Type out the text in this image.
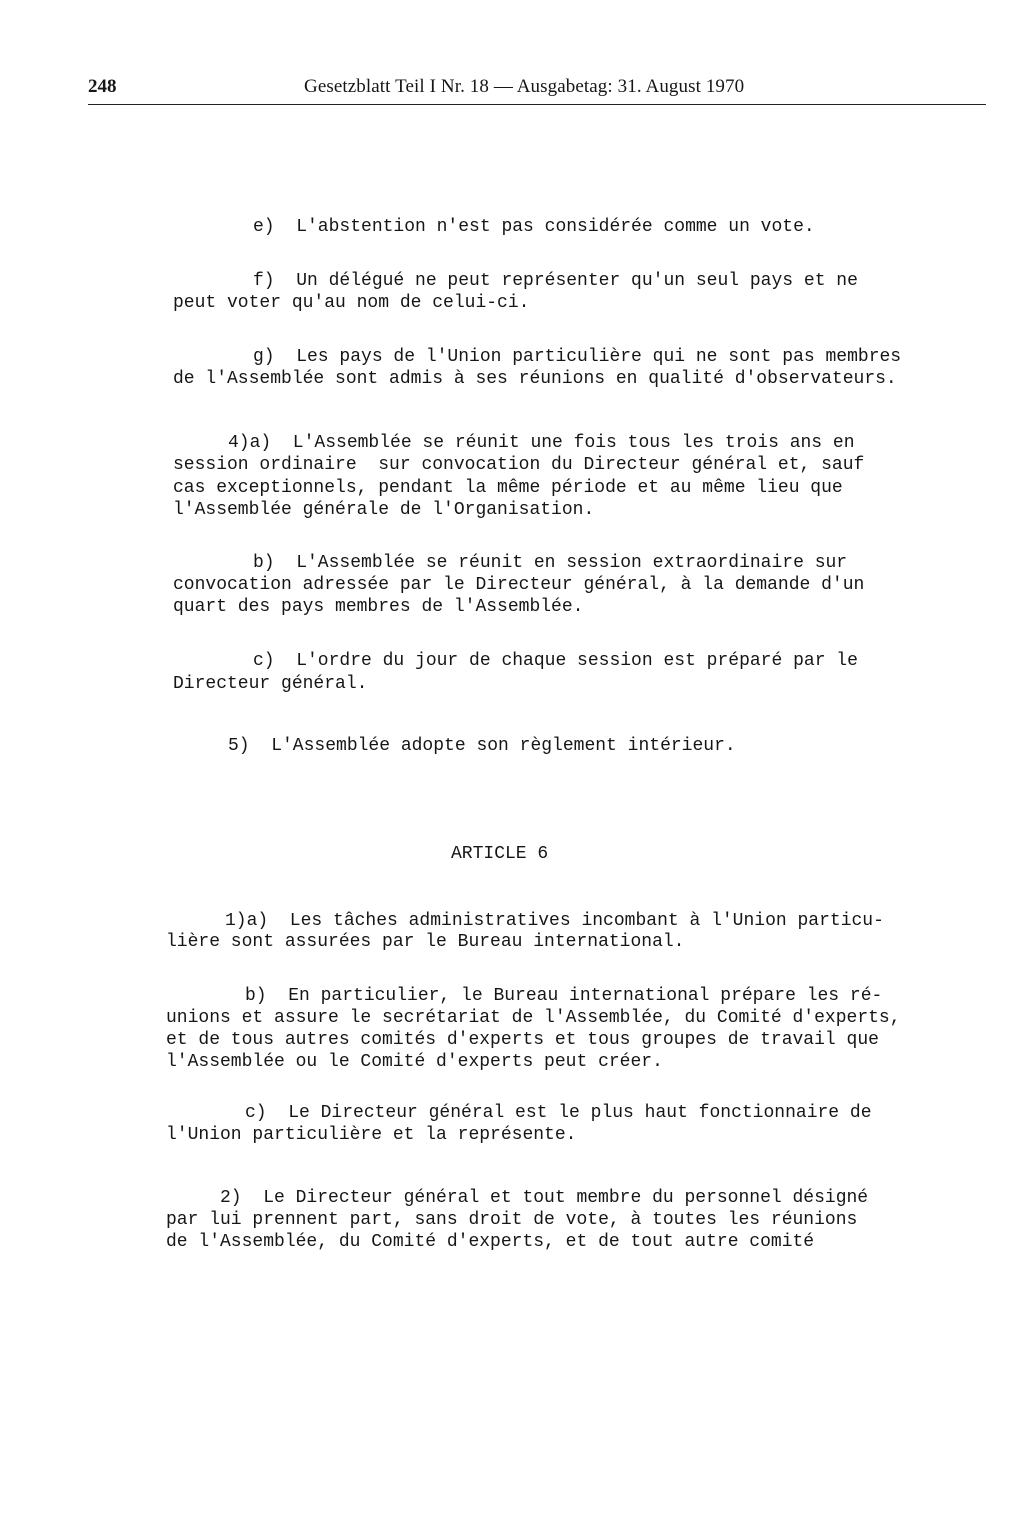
248	Gesetzblatt Teil I Nr. 18 — Ausgabetag: 31. August 1970
e)  L'abstention n'est pas considérée comme un vote.
f)  Un délégué ne peut représenter qu'un seul pays et ne
peut voter qu'au nom de celui-ci.
g)  Les pays de l'Union particulière qui ne sont pas membres
de l'Assemblée sont admis à ses réunions en qualité d'observateurs.
4)a)  L'Assemblée se réunit une fois tous les trois ans en
session ordinaire  sur convocation du Directeur général et, sauf
cas exceptionnels, pendant la même période et au même lieu que
l'Assemblée générale de l'Organisation.
b)  L'Assemblée se réunit en session extraordinaire sur
convocation adressée par le Directeur général, à la demande d'un
quart des pays membres de l'Assemblée.
c)  L'ordre du jour de chaque session est préparé par le
Directeur général.
5)  L'Assemblée adopte son règlement intérieur.
ARTICLE 6
1)a)  Les tâches administratives incombant à l'Union particu-
lière sont assurées par le Bureau international.
b)  En particulier, le Bureau international prépare les ré-
unions et assure le secrétariat de l'Assemblée, du Comité d'experts,
et de tous autres comités d'experts et tous groupes de travail que
l'Assemblée ou le Comité d'experts peut créer.
c)  Le Directeur général est le plus haut fonctionnaire de
l'Union particulière et la représente.
2)  Le Directeur général et tout membre du personnel désigné
par lui prennent part, sans droit de vote, à toutes les réunions
de l'Assemblée, du Comité d'experts, et de tout autre comité
